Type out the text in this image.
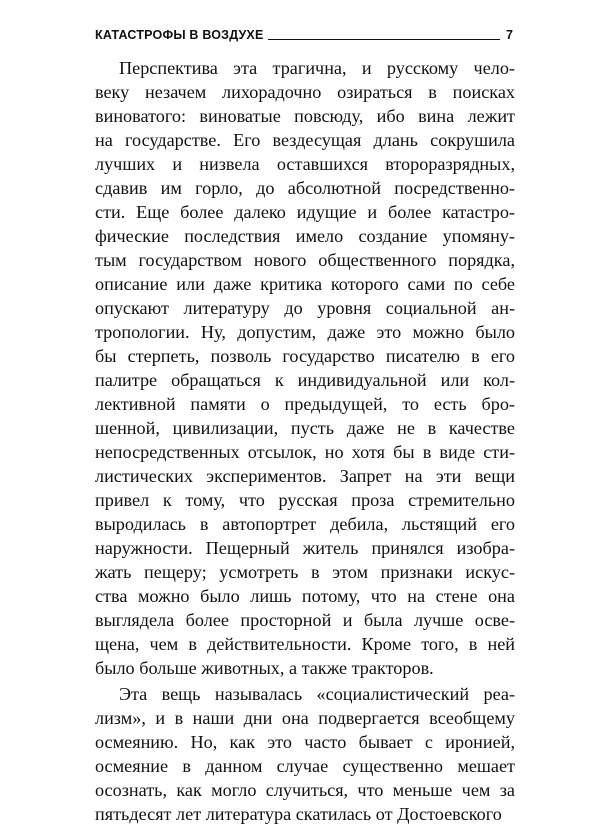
КАТАСТРОФЫ В ВОЗДУХЕ	7
Перспектива эта трагична, и русскому чело-
веку незачем лихорадочно озираться в поисках
виноватого: виноватые повсюду, ибо вина лежит
на государстве. Его вездесущая длань сокрушила
лучших и низвела оставшихся второразрядных,
сдавив им горло, до абсолютной посредственно-
сти. Еще более далеко идущие и более катастро-
фические последствия имело создание упомяну-
тым государством нового общественного порядка,
описание или даже критика которого сами по себе
опускают литературу до уровня социальной ан-
тропологии. Ну, допустим, даже это можно было
бы стерпеть, позволь государство писателю в его
палитре обращаться к индивидуальной или кол-
лективной памяти о предыдущей, то есть бро-
шенной, цивилизации, пусть даже не в качестве
непосредственных отсылок, но хотя бы в виде сти-
листических экспериментов. Запрет на эти вещи
привел к тому, что русская проза стремительно
выродилась в автопортрет дебила, льстящий его
наружности. Пещерный житель принялся изобра-
жать пещеру; усмотреть в этом признаки искус-
ства можно было лишь потому, что на стене она
выглядела более просторной и была лучше осве-
щена, чем в действительности. Кроме того, в ней
было больше животных, а также тракторов.
Эта вещь называлась «социалистический реа-
лизм», и в наши дни она подвергается всеобщему
осмеянию. Но, как это часто бывает с иронией,
осмеяние в данном случае существенно мешает
осознать, как могло случиться, что меньше чем за
пятьдесят лет литература скатилась от Достоевского
